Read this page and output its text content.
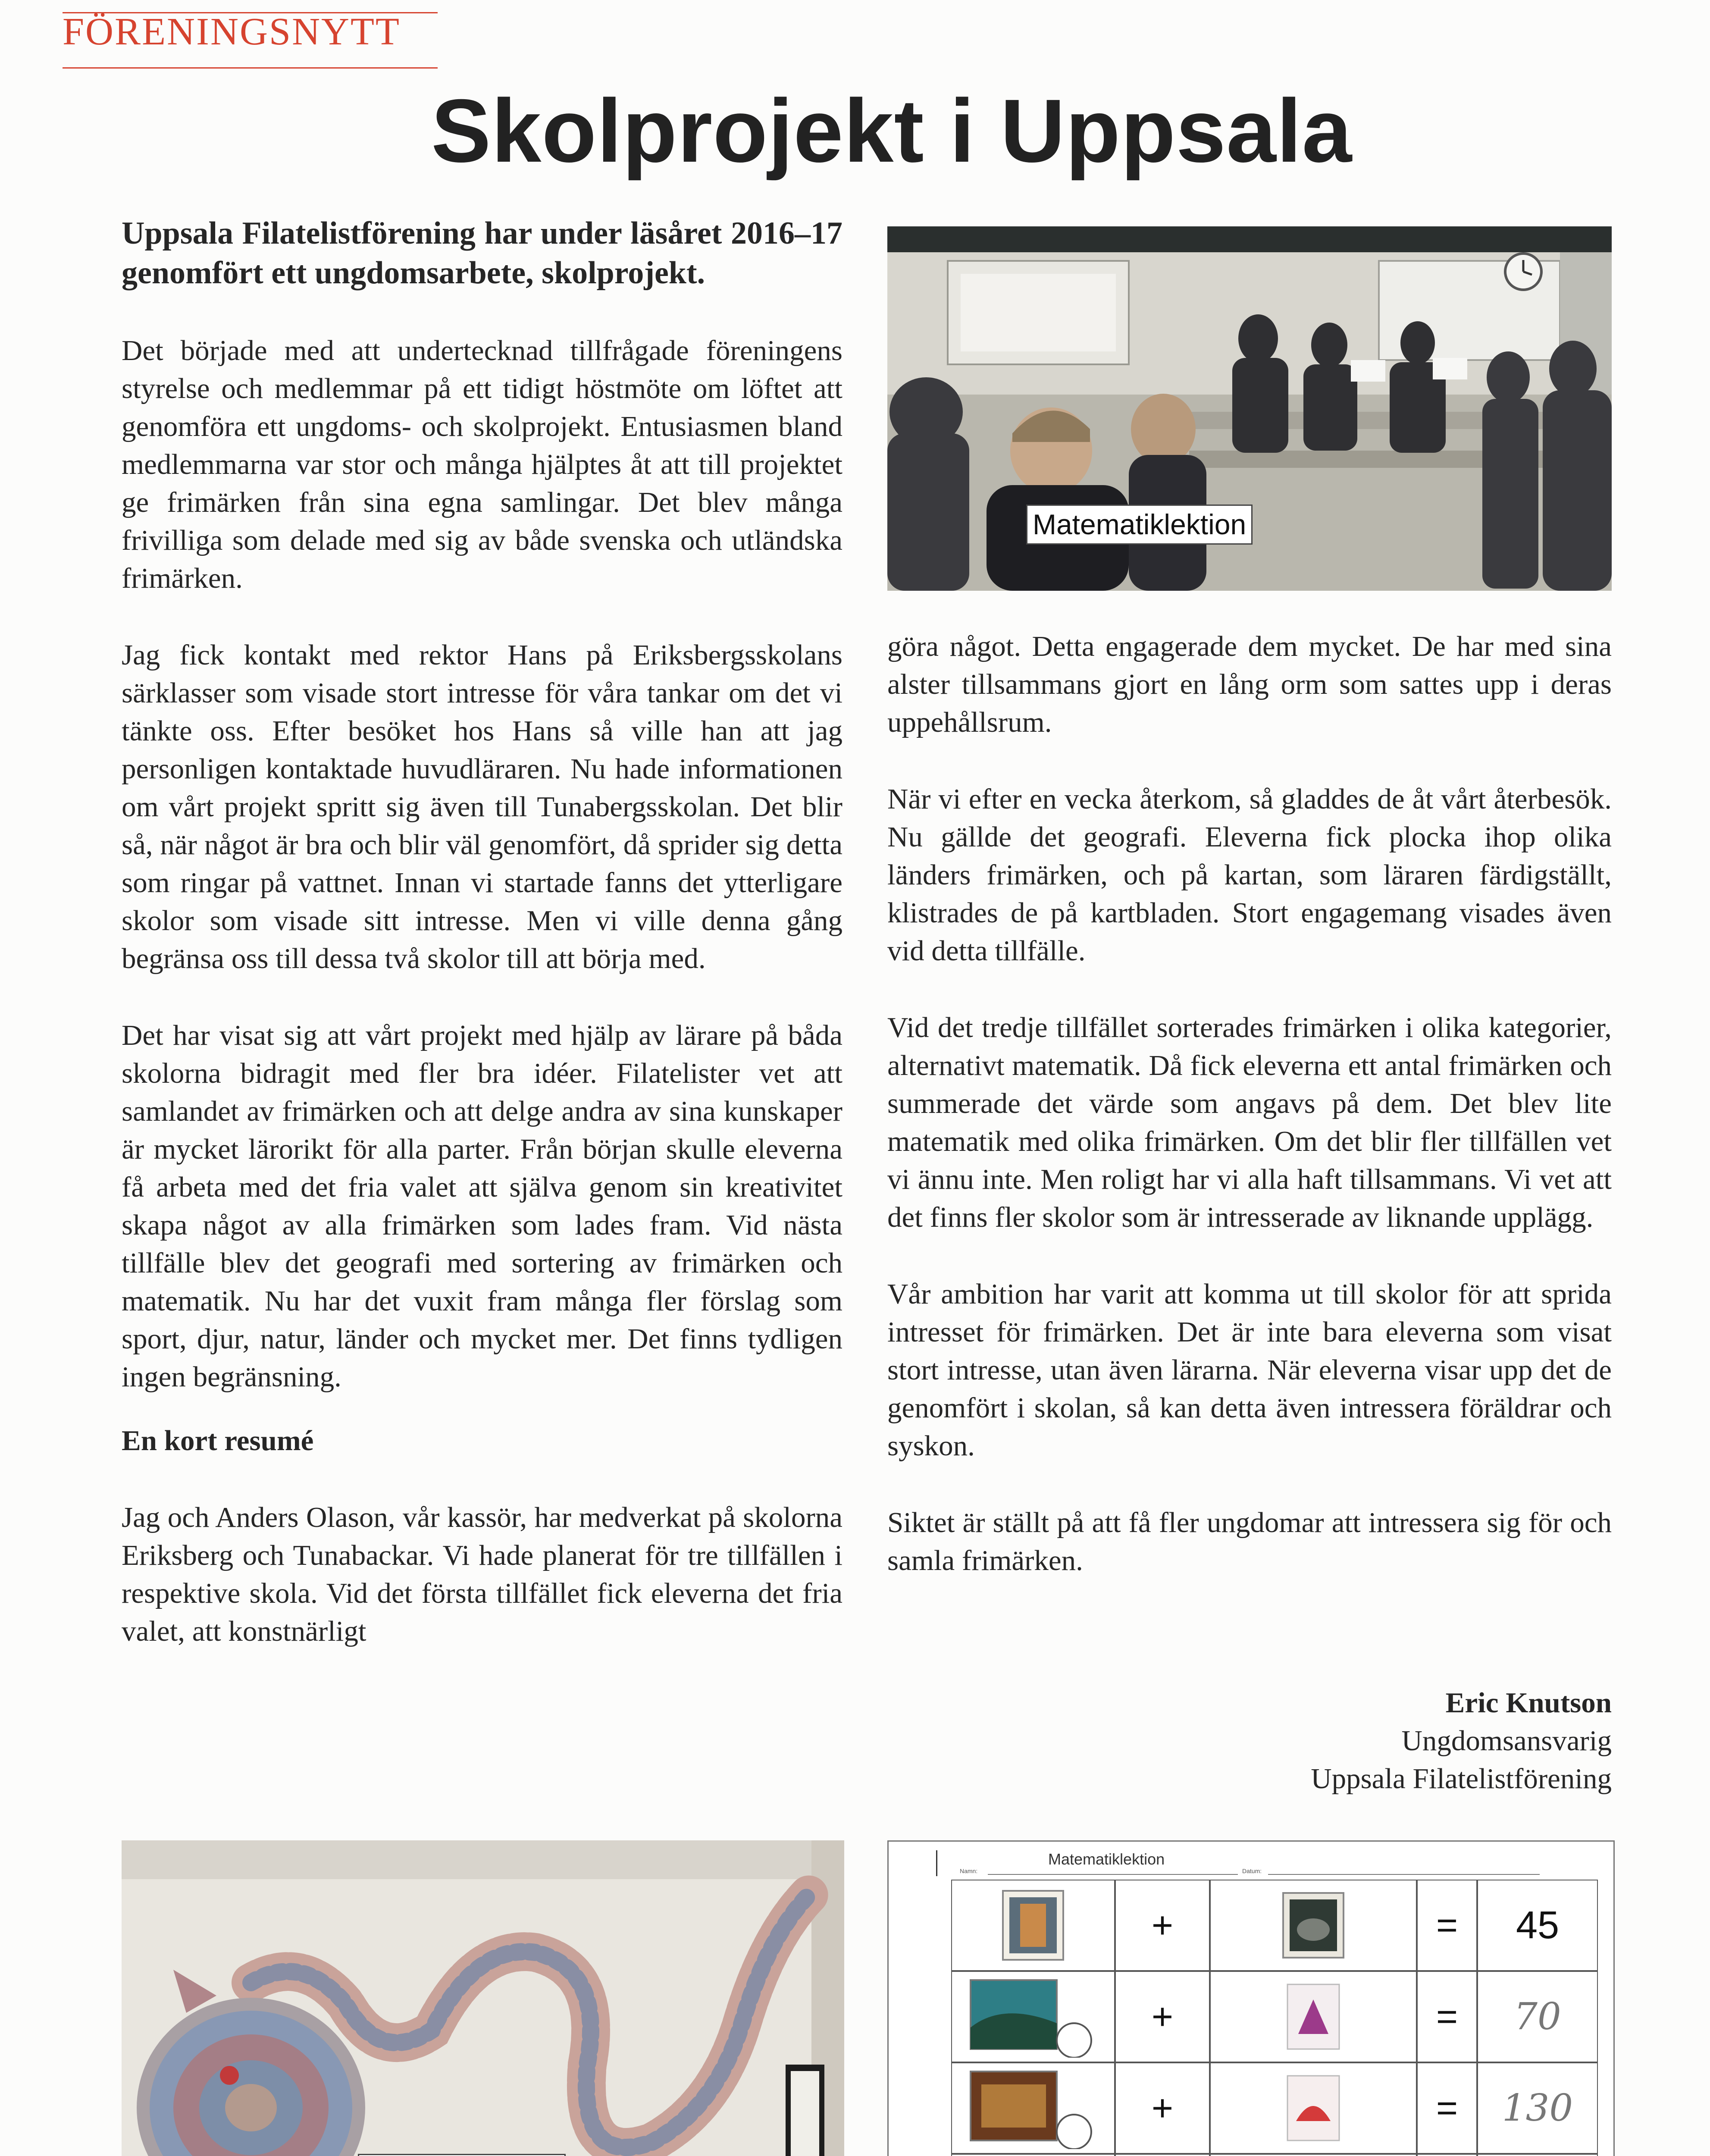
FÖRENINGSNYTT
Skolprojekt i Uppsala

Uppsala Filatelistförening har under läsåret 2016–17 genomfört ett ungdomsarbete, skolprojekt.

Det började med att undertecknad tillfrågade föreningens styrelse och medlemmar på ett tidigt höstmöte om löftet att genomföra ett ungdoms- och skolprojekt. Entusiasmen bland medlemmarna var stor och många hjälptes åt att till projektet ge frimärken från sina egna samlingar. Det blev många frivilliga som delade med sig av både svenska och utländska frimärken.

Jag fick kontakt med rektor Hans på Eriksbergsskolans särklasser som visade stort intresse för våra tankar om det vi tänkte oss. Efter besöket hos Hans så ville han att jag personligen kontaktade huvudläraren. Nu hade informationen om vårt projekt spritt sig även till Tunabergsskolan. Det blir så, när något är bra och blir väl genomfört, då sprider sig detta som ringar på vattnet. Innan vi startade fanns det ytterligare skolor som visade sitt intresse. Men vi ville denna gång begränsa oss till dessa två skolor till att börja med.

Det har visat sig att vårt projekt med hjälp av lärare på båda skolorna bidragit med fler bra idéer. Filatelister vet att samlandet av frimärken och att delge andra av sina kunskaper är mycket lärorikt för alla parter. Från början skulle eleverna få arbeta med det fria valet att själva genom sin kreativitet skapa något av alla frimärken som lades fram. Vid nästa tillfälle blev det geografi med sortering av frimärken och matematik. Nu har det vuxit fram många fler förslag som sport, djur, natur, länder och mycket mer. Det finns tydligen ingen begränsning.

En kort resumé

Jag och Anders Olason, vår kassör, har medverkat på skolorna Eriksberg och Tunabackar. Vi hade planerat för tre tillfällen i respektive skola. Vid det första tillfället fick eleverna det fria valet, att konstnärligt

Matematiklektion

göra något. Detta engagerade dem mycket. De har med sina alster tillsammans gjort en lång orm som sattes upp i deras uppehållsrum.

När vi efter en vecka återkom, så gladdes de åt vårt återbesök. Nu gällde det geografi. Eleverna fick plocka ihop olika länders frimärken, och på kartan, som läraren färdigställt, klistrades de på kartbladen. Stort engagemang visades även vid detta tillfälle.

Vid det tredje tillfället sorterades frimärken i olika kategorier, alternativt matematik. Då fick eleverna ett antal frimärken och summerade det värde som angavs på dem. Det blev lite matematik med olika frimärken. Om det blir fler tillfällen vet vi ännu inte. Men roligt har vi alla haft tillsammans. Vi vet att det finns fler skolor som är intresserade av liknande upplägg.

Vår ambition har varit att komma ut till skolor för att sprida intresset för frimärken. Det är inte bara eleverna som visat stort intresse, utan även lärarna. När eleverna visar upp det de genomfört i skolan, så kan detta även intressera föräldrar och syskon.

Siktet är ställt på att få fler ungdomar att intressera sig för och samla frimärken.

Eric Knutson
Ungdomsansvarig
Uppsala Filatelistförening
Namn:
Matematiklektion
Datum:
+	= 45
+	= 70
+	= 130
